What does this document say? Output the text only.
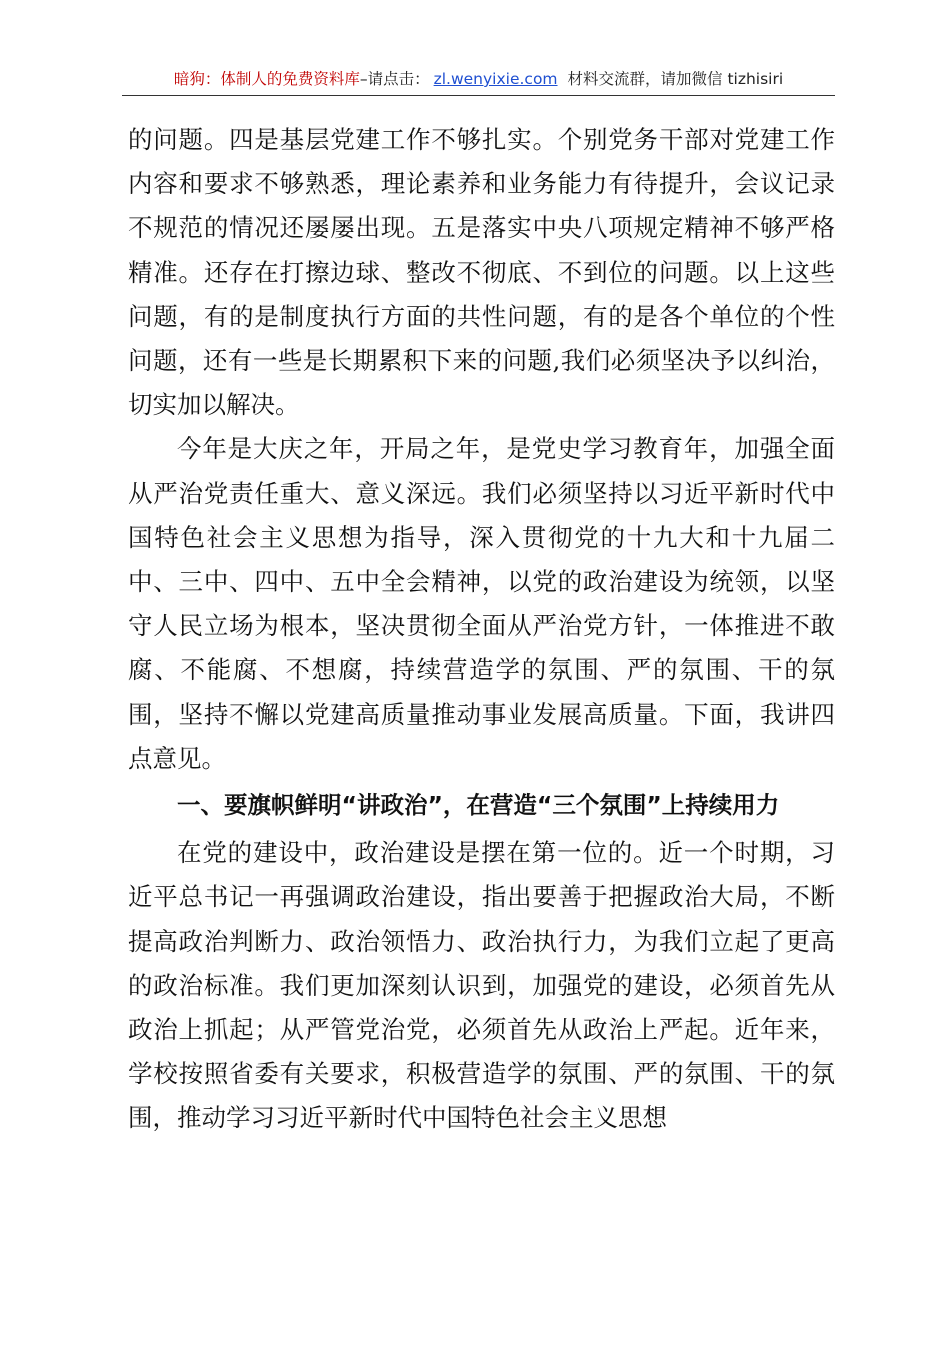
暗狗：体制人的免费资料库 –请点击： zl.wenyixie.com 材料交流群，请加微信 tizhisiri

的问题。四是基层党建工作不够扎实。个别党务干部对党建工作内容和要求不够熟悉，理论素养和业务能力有待提升，会议记录不规范的情况还屡屡出现。五是落实中央八项规定精神不够严格精准。还存在打擦边球、整改不彻底、不到位的问题。以上这些问题，有的是制度执行方面的共性问题，有的是各个单位的个性问题，还有一些是长期累积下来的问题,我们必须坚决予以纠治，切实加以解决。

今年是大庆之年，开局之年，是党史学习教育年，加强全面从严治党责任重大、意义深远。我们必须坚持以习近平新时代中国特色社会主义思想为指导，深入贯彻党的十九大和十九届二中、三中、四中、五中全会精神，以党的政治建设为统领，以坚守人民立场为根本，坚决贯彻全面从严治党方针，一体推进不敢腐、不能腐、不想腐，持续营造学的氛围、严的氛围、干的氛围，坚持不懈以党建高质量推动事业发展高质量。下面，我讲四点意见。

一、要旗帜鲜明“讲政治”，在营造“三个氛围”上持续用力

在党的建设中，政治建设是摆在第一位的。近一个时期，习近平总书记一再强调政治建设，指出要善于把握政治大局，不断提高政治判断力、政治领悟力、政治执行力，为我们立起了更高的政治标准。我们更加深刻认识到，加强党的建设，必须首先从政治上抓起；从严管党治党，必须首先从政治上严起。近年来，学校按照省委有关要求，积极营造学的氛围、严的氛围、干的氛围，推动学习习近平新时代中国特色社会主义思想
